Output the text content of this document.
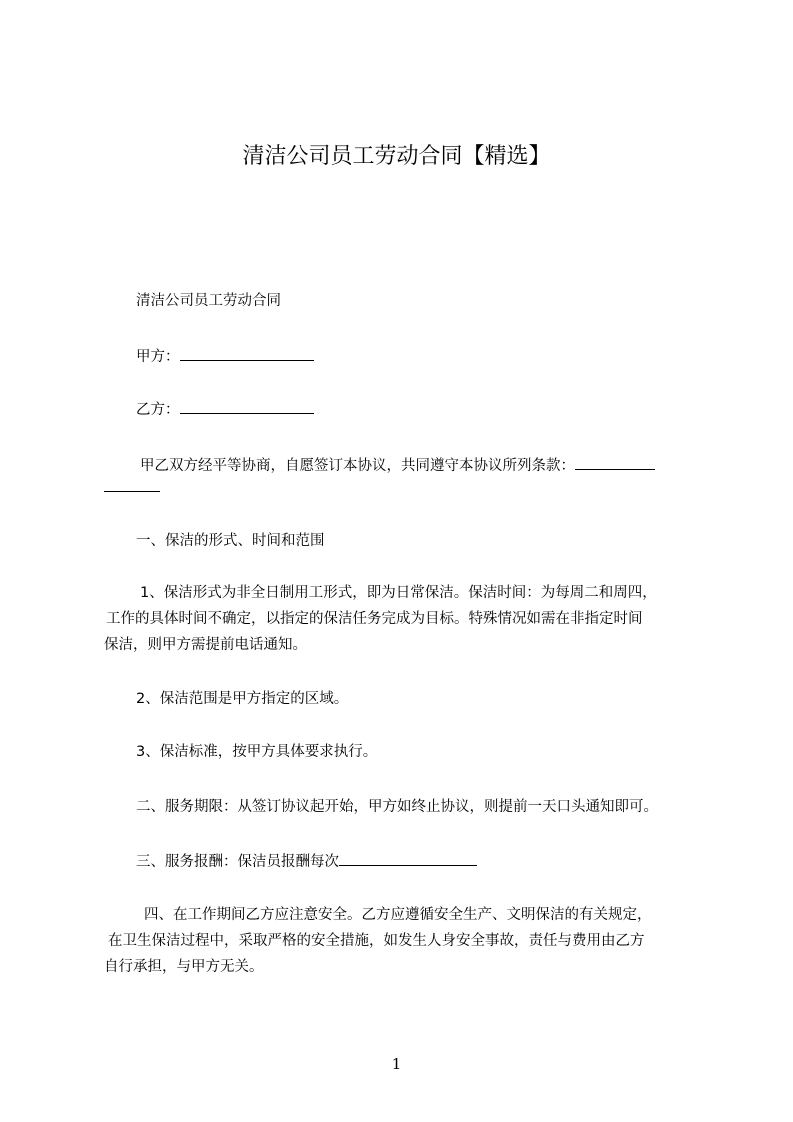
清洁公司员工劳动合同【精选】
清洁公司员工劳动合同
甲方：
乙方：
甲乙双方经平等协商，自愿签订本协议，共同遵守本协议所列条款：
一、保洁的形式、时间和范围
1、保洁形式为非全日制用工形式，即为日常保洁。保洁时间：为每周二和周四，
工作的具体时间不确定，以指定的保洁任务完成为目标。特殊情况如需在非指定时间
保洁，则甲方需提前电话通知。
2、保洁范围是甲方指定的区域。
3、保洁标准，按甲方具体要求执行。
二、服务期限：从签订协议起开始，甲方如终止协议，则提前一天口头通知即可。
三、服务报酬：保洁员报酬每次
四、在工作期间乙方应注意安全。乙方应遵循安全生产、文明保洁的有关规定，
在卫生保洁过程中，采取严格的安全措施，如发生人身安全事故，责任与费用由乙方
自行承担，与甲方无关。
1
